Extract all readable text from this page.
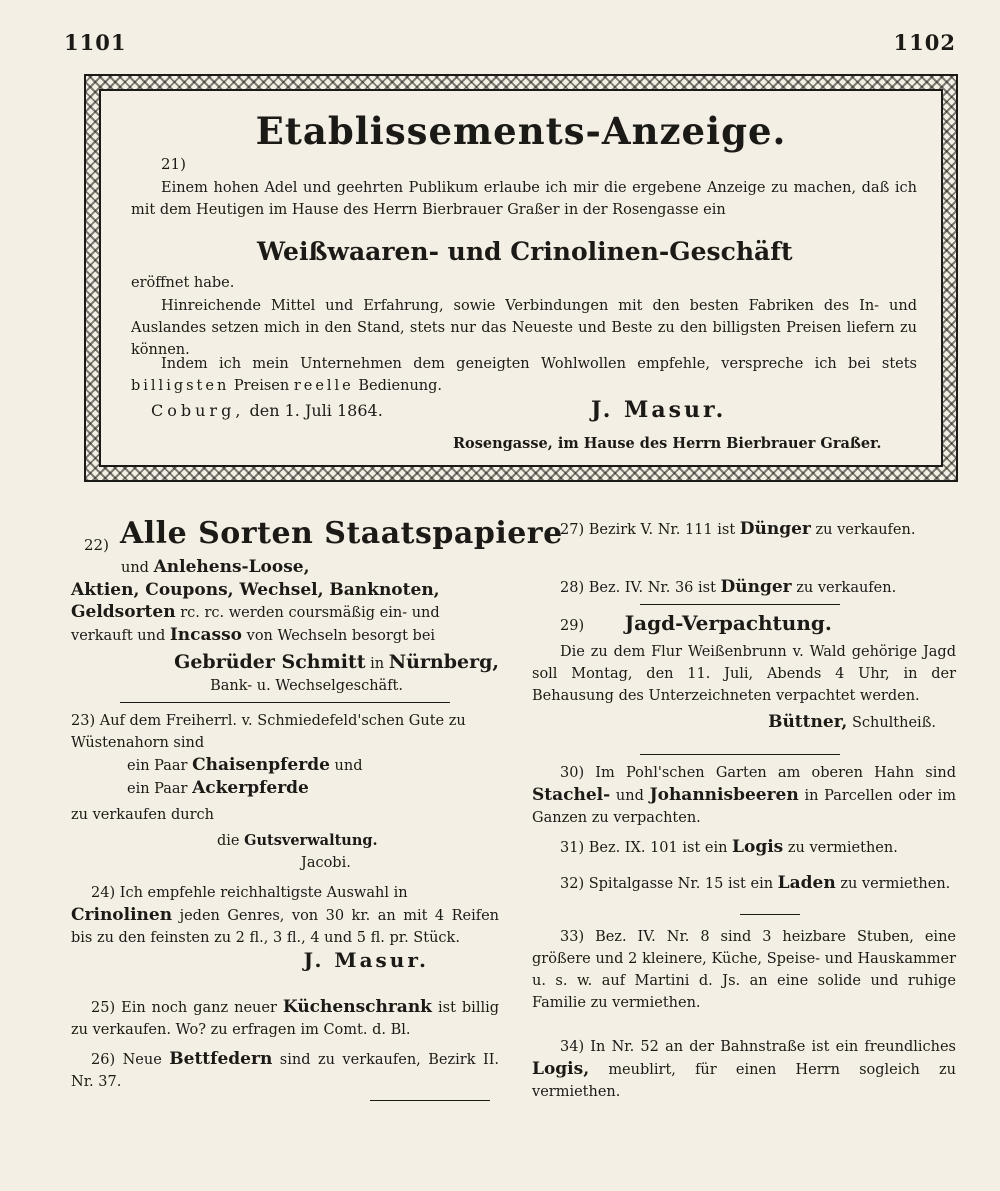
1101	1102
Etablissements-Anzeige.
21)

Einem hohen Adel und geehrten Publikum erlaube ich mir die ergebene Anzeige zu machen, daß ich mit dem Heutigen im Hause des Herrn Bierbrauer Graßer in der Rosengasse ein

Weißwaaren- und Crinolinen-Geschäft
eröffnet habe.

Hinreichende Mittel und Erfahrung, sowie Verbindungen mit den besten Fabriken des In- und Auslandes setzen mich in den Stand, stets nur das Neueste und Beste zu den billigsten Preisen liefern zu können.

Indem ich mein Unternehmen dem geneigten Wohlwollen empfehle, verspreche ich bei stets billigsten Preisen reelle Bedienung.

Coburg, den 1. Juli 1864.	J. Masur.
Rosengasse, im Hause des Herrn Bierbrauer Graßer.
22) Alle Sorten Staatspapiere

und Anlehens-Loose,

Aktien, Coupons, Wechsel, Banknoten,

Geldsorten rc. rc. werden coursmäßig ein- und

verkauft und Incasso von Wechseln besorgt bei

Gebrüder Schmitt in Nürnberg,

Bank- u. Wechselgeschäft.

23) Auf dem Freiherrl. v. Schmiedefeld'schen Gute zu Wüstenahorn sind

ein Paar Chaisenpferde und

ein Paar Ackerpferde

zu verkaufen durch

die Gutsverwaltung.

Jacobi.

24) Ich empfehle reichhaltigste Auswahl in

Crinolinen jeden Genres, von 30 kr. an mit 4 Reifen bis zu den feinsten zu 2 fl., 3 fl., 4 und 5 fl. pr. Stück.

J. Masur.

25) Ein noch ganz neuer Küchenschrank ist billig zu verkaufen. Wo? zu erfragen im Comt. d. Bl.
26) Neue Bettfedern sind zu verkaufen, Bezirk II. Nr. 37.
27) Bezirk V. Nr. 111 ist Dünger zu verkaufen.
28) Bez. IV. Nr. 36 ist Dünger zu verkaufen.

29) Jagd-Verpachtung.

Die zu dem Flur Weißenbrunn v. Wald gehörige Jagd soll Montag, den 11. Juli, Abends 4 Uhr, in der Behausung des Unterzeichneten verpachtet werden.

Büttner, Schultheiß.

30) Im Pohl'schen Garten am oberen Hahn sind Stachel- und Johannisbeeren in Parcellen oder im Ganzen zu verpachten.
31) Bez. IX. 101 ist ein Logis zu vermiethen.
32) Spitalgasse Nr. 15 ist ein Laden zu vermiethen.
33) Bez. IV. Nr. 8 sind 3 heizbare Stuben, eine größere und 2 kleinere, Küche, Speise- und Hauskammer u. s. w. auf Martini d. Js. an eine solide und ruhige Familie zu vermiethen.
34) In Nr. 52 an der Bahnstraße ist ein freundliches Logis, meublirt, für einen Herrn sogleich zu vermiethen.
